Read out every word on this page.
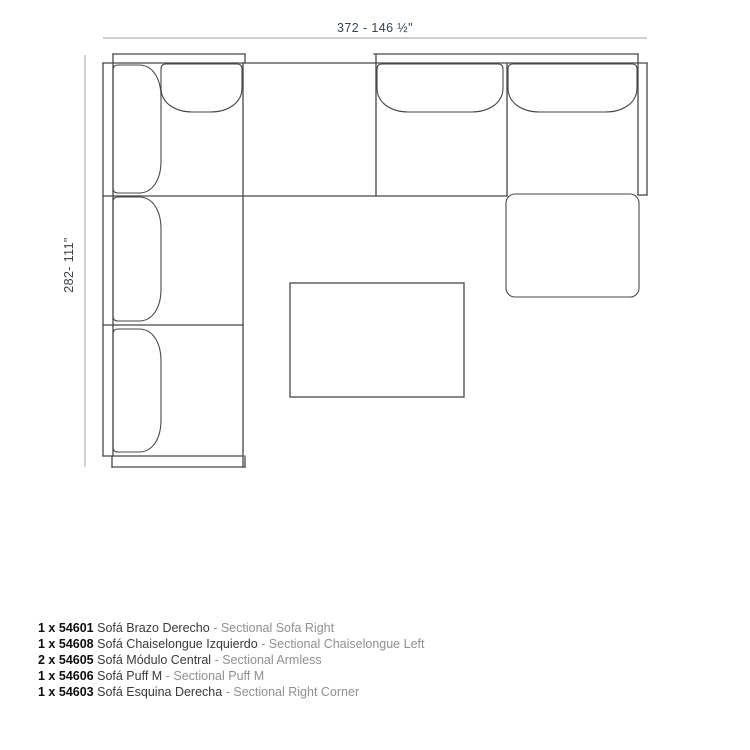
372 - 146 ½"
282- 111"
1 x 54601 Sofá Brazo Derecho - Sectional Sofa Right
1 x 54608 Sofá Chaiselongue Izquierdo - Sectional Chaiselongue Left
2 x 54605 Sofá Módulo Central - Sectional Armless
1 x 54606 Sofá Puff M - Sectional Puff M
1 x 54603 Sofá Esquina Derecha - Sectional Right Corner
